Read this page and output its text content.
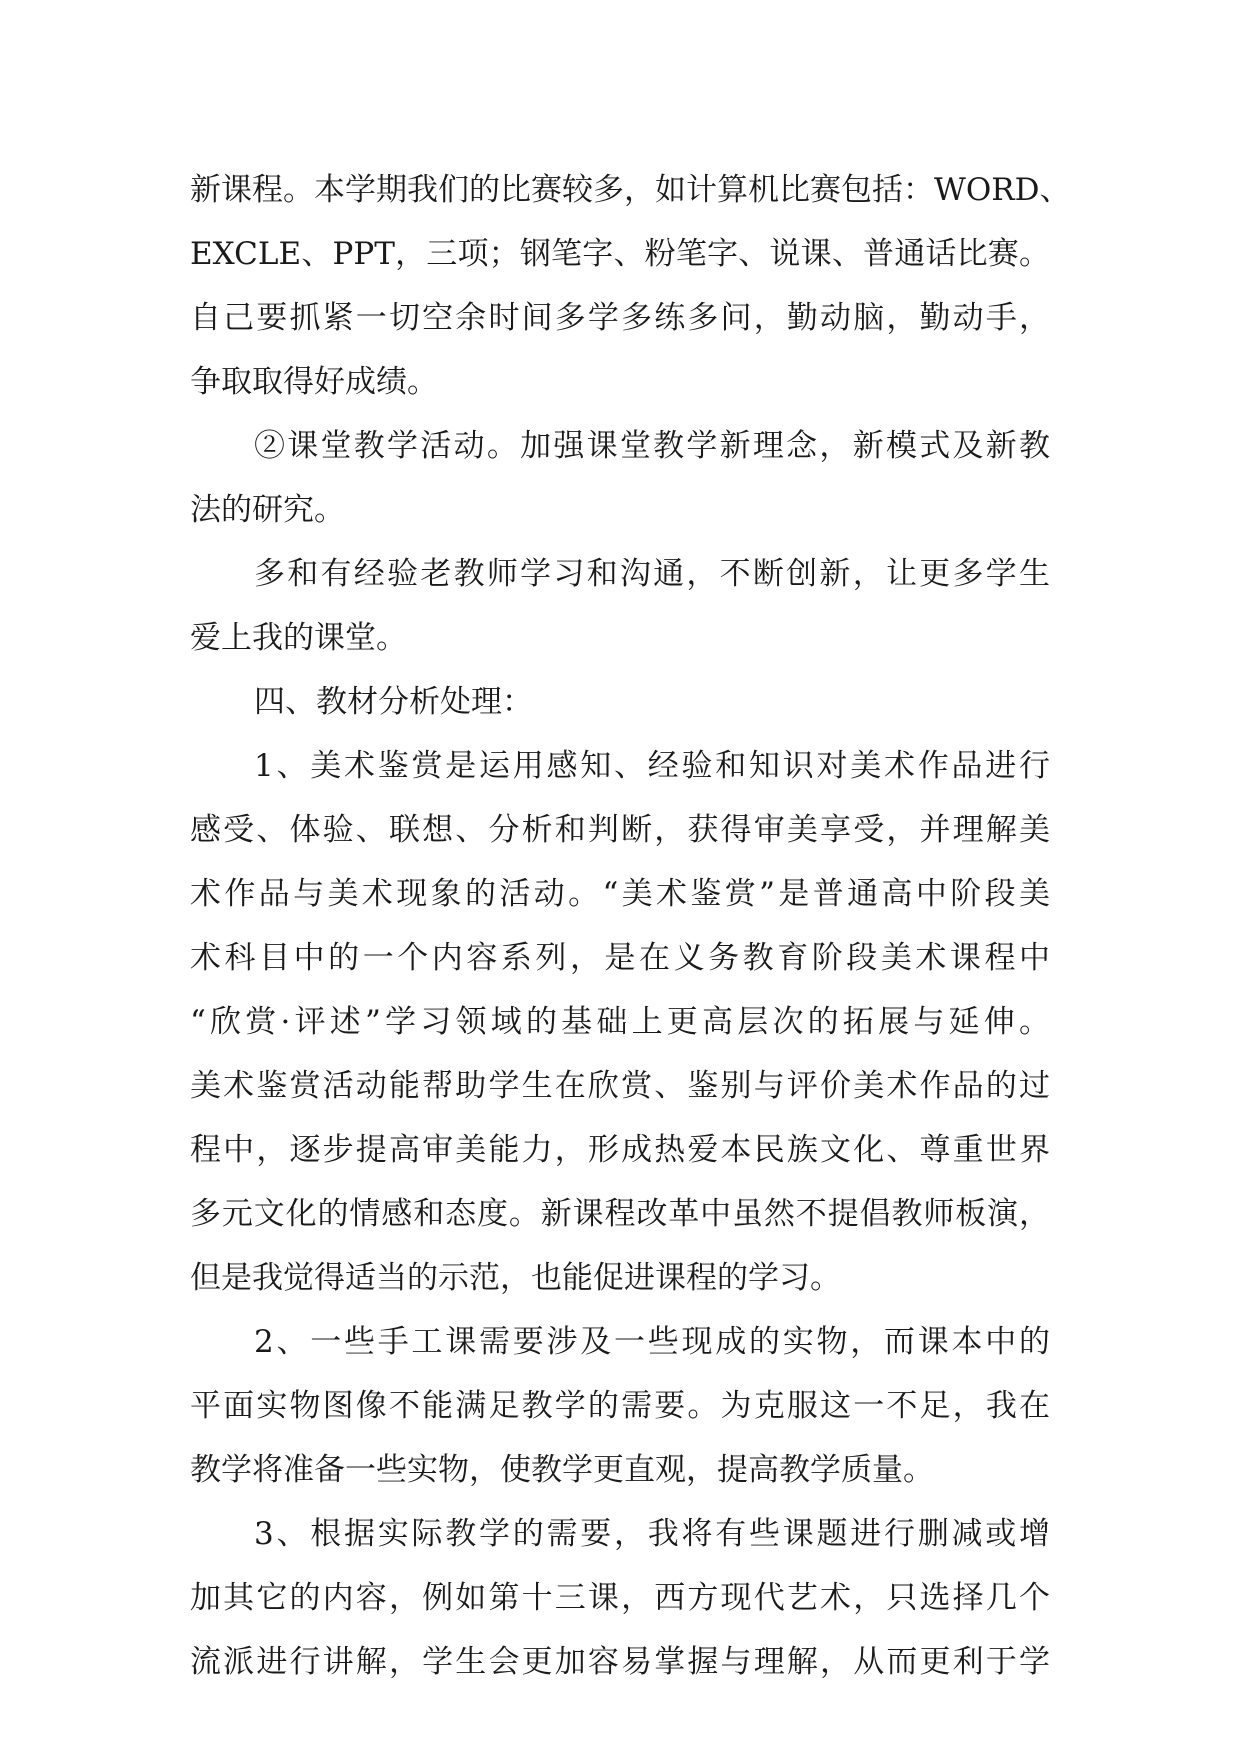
新课程。本学期我们的比赛较多，如计算机比赛包括：WORD、
EXCLE、PPT，三项；钢笔字、粉笔字、说课、普通话比赛。
自己要抓紧一切空余时间多学多练多问，勤动脑，勤动手，
争取取得好成绩。
②课堂教学活动。加强课堂教学新理念，新模式及新教
法的研究。
多和有经验老教师学习和沟通，不断创新，让更多学生
爱上我的课堂。
四、教材分析处理：
1、美术鉴赏是运用感知、经验和知识对美术作品进行
感受、体验、联想、分析和判断，获得审美享受，并理解美
术作品与美术现象的活动。“美术鉴赏”是普通高中阶段美
术科目中的一个内容系列，是在义务教育阶段美术课程中
“欣赏·评述”学习领域的基础上更高层次的拓展与延伸。
美术鉴赏活动能帮助学生在欣赏、鉴别与评价美术作品的过
程中，逐步提高审美能力，形成热爱本民族文化、尊重世界
多元文化的情感和态度。新课程改革中虽然不提倡教师板演，
但是我觉得适当的示范，也能促进课程的学习。
2、一些手工课需要涉及一些现成的实物，而课本中的
平面实物图像不能满足教学的需要。为克服这一不足，我在
教学将准备一些实物，使教学更直观，提高教学质量。
3、根据实际教学的需要，我将有些课题进行删减或增
加其它的内容，例如第十三课，西方现代艺术，只选择几个
流派进行讲解，学生会更加容易掌握与理解，从而更利于学
